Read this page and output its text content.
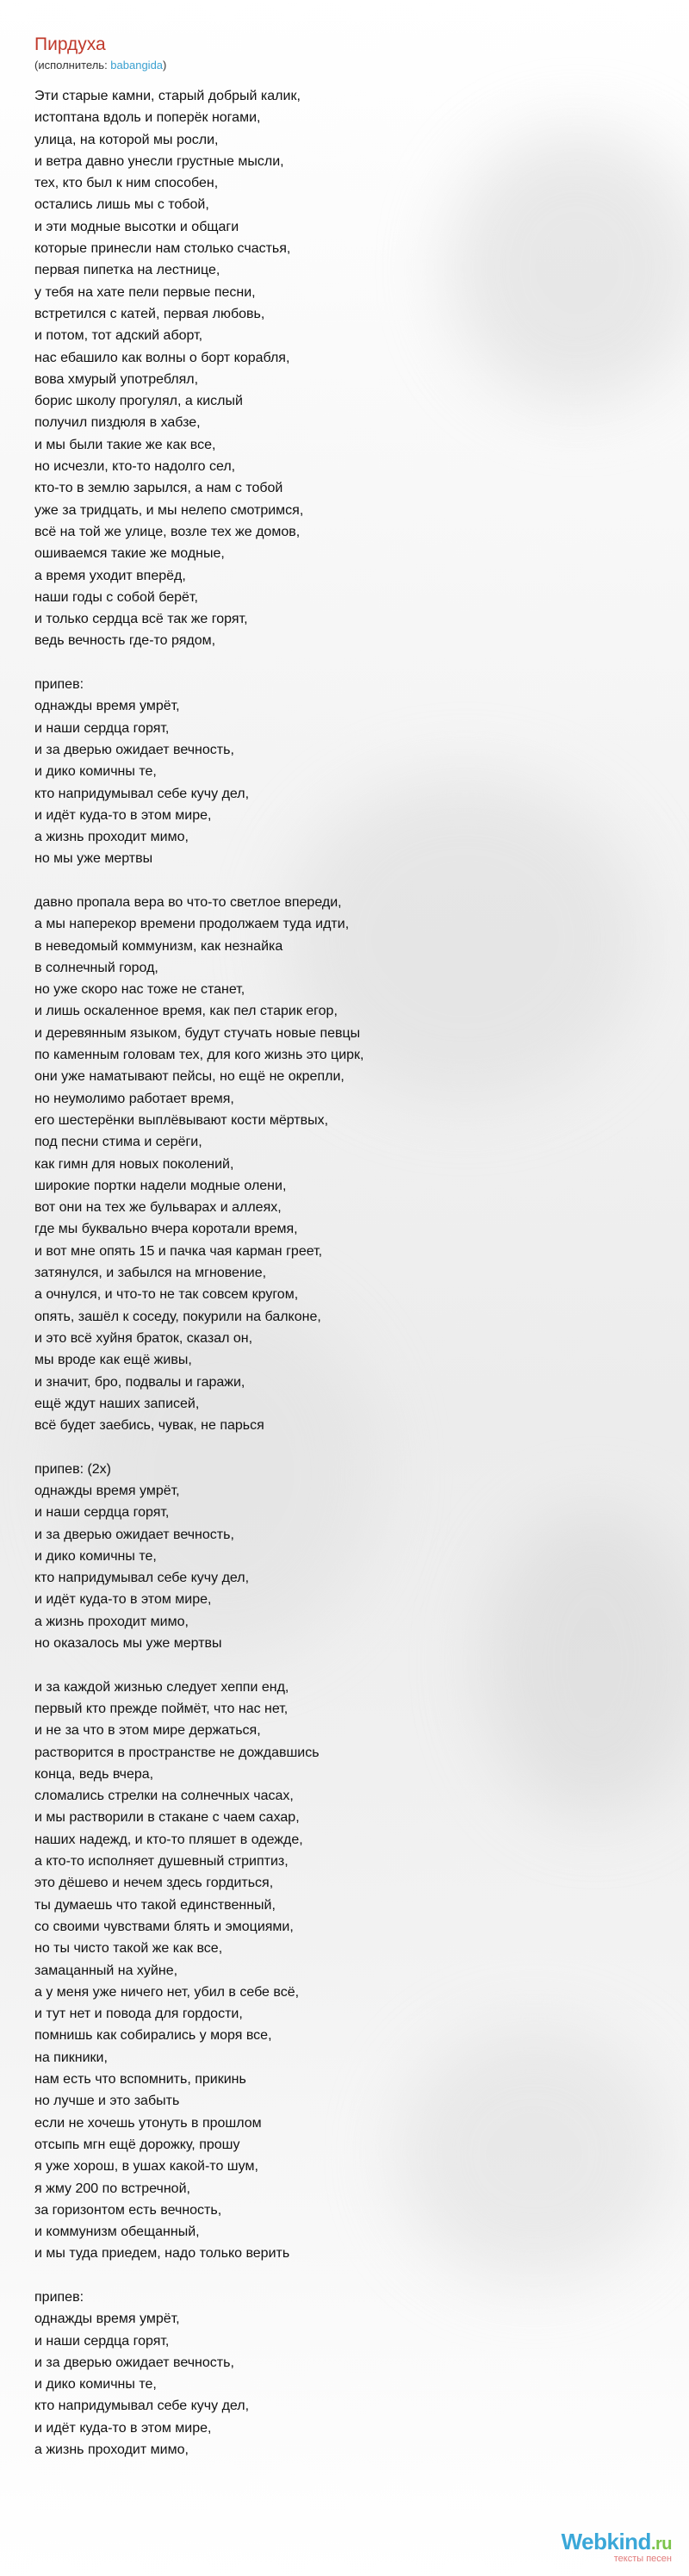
Пирдуха
(исполнитель: babangida)
Эти старые камни, старый добрый калик,
истоптана вдоль и поперёк ногами,
улица, на которой мы росли,
и ветра давно унесли грустные мысли,
тех, кто был к ним способен,
остались лишь мы с тобой,
и эти модные высотки и общаги
которые принесли нам столько счастья,
первая пипетка на лестнице,
у тебя на хате пели первые песни,
встретился с катей, первая любовь,
и потом, тот адский аборт,
нас ебашило как волны о борт корабля,
вова хмурый употреблял,
борис школу прогулял, а кислый
получил пиздюля в хабзе,
и мы были такие же как все,
но исчезли, кто-то надолго сел,
кто-то в землю зарылся, а нам с тобой
уже за тридцать, и мы нелепо смотримся,
всё на той же улице, возле тех же домов,
ошиваемся такие же модные,
а время уходит вперёд,
наши годы с собой берёт,
и только сердца всё так же горят,
ведь вечность где-то рядом,
припев:
однажды время умрёт,
и наши сердца горят,
и за дверью ожидает вечность,
и дико комичны те,
кто напридумывал себе кучу дел,
и идёт куда-то в этом мире,
а жизнь проходит мимо,
но мы уже мертвы
давно пропала вера во что-то светлое впереди,
а мы наперекор времени продолжаем туда идти,
в неведомый коммунизм, как незнайка
в солнечный город,
но уже скоро нас тоже не станет,
и лишь оскаленное время, как пел старик егор,
и деревянным языком, будут стучать новые певцы
по каменным головам тех, для кого жизнь это цирк,
они уже наматывают пейсы, но ещё не окрепли,
но неумолимо работает время,
его шестерёнки выплёвывают кости мёртвых,
под песни стима и серёги,
как гимн для новых поколений,
широкие портки надели модные олени,
вот они на тех же бульварах и аллеях,
где мы буквально вчера коротали время,
и вот мне опять 15 и пачка чая карман греет,
затянулся, и забылся на мгновение,
а очнулся, и что-то не так совсем кругом,
опять, зашёл к соседу, покурили на балконе,
и это всё хуйня браток, сказал он,
мы вроде как ещё живы,
и значит, бро, подвалы и гаражи,
ещё ждут наших записей,
всё будет заебись, чувак, не парься
припев: (2x)
однажды время умрёт,
и наши сердца горят,
и за дверью ожидает вечность,
и дико комичны те,
кто напридумывал себе кучу дел,
и идёт куда-то в этом мире,
а жизнь проходит мимо,
но оказалось мы уже мертвы
и за каждой жизнью следует хеппи енд,
первый кто прежде поймёт, что нас нет,
и не за что в этом мире держаться,
растворится в пространстве не дождавшись
конца, ведь вчера,
сломались стрелки на солнечных часах,
и мы растворили в стакане с чаем сахар,
наших надежд, и кто-то пляшет в одежде,
а кто-то исполняет душевный стриптиз,
это дёшево и нечем здесь гордиться,
ты думаешь что такой единственный,
со своими чувствами блять и эмоциями,
но ты чисто такой же как все,
замацанный на хуйне,
а у меня уже ничего нет, убил в себе всё,
и тут нет и повода для гордости,
помнишь как собирались у моря все,
на пикники,
нам есть что вспомнить, прикинь
но лучше и это забыть
если не хочешь утонуть в прошлом
отсыпь мгн ещё дорожку, прошу
я уже хорош, в ушах какой-то шум,
я жму 200 по встречной,
за горизонтом есть вечность,
и коммунизм обещанный,
и мы туда приедем, надо только верить
припев:
однажды время умрёт,
и наши сердца горят,
и за дверью ожидает вечность,
и дико комичны те,
кто напридумывал себе кучу дел,
и идёт куда-то в этом мире,
а жизнь проходит мимо,
Webkind.ru
тексты песен
